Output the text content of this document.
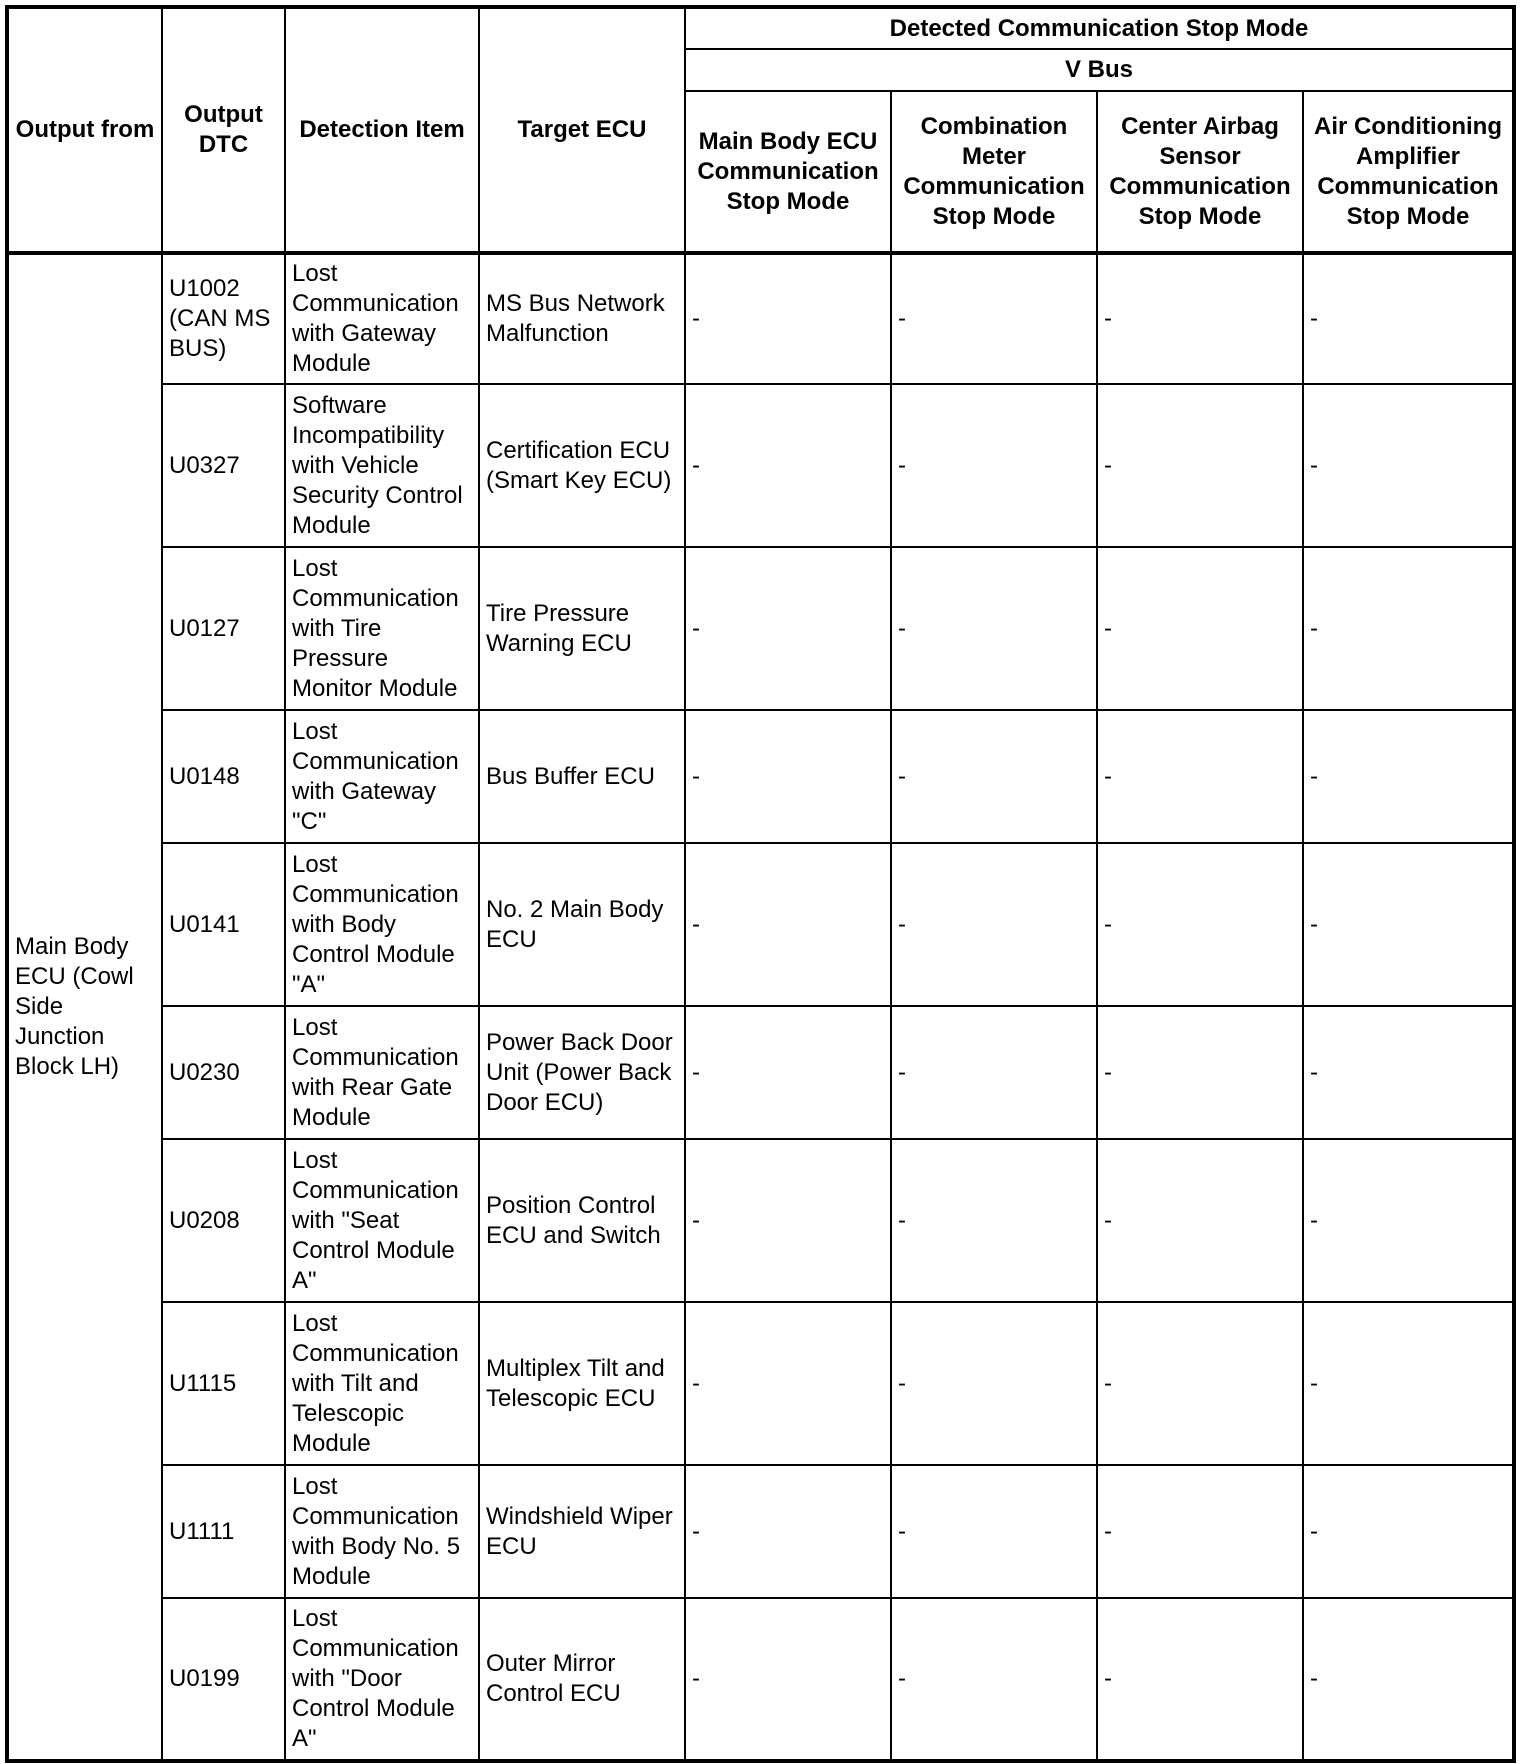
Output from	Output DTC	Detection Item	Target ECU	Detected Communication Stop Mode			
				V Bus			
				Main Body ECU Communication Stop Mode	Combination Meter Communication Stop Mode	Center Airbag Sensor Communication Stop Mode	Air Conditioning Amplifier Communication Stop Mode
Main Body ECU (Cowl Side Junction Block LH)	U1002 (CAN MS BUS)	Lost Communication with Gateway Module	MS Bus Network Malfunction	-	-	-	-
	U0327	Software Incompatibility with Vehicle Security Control Module	Certification ECU (Smart Key ECU)	-	-	-	-
	U0127	Lost Communication with Tire Pressure Monitor Module	Tire Pressure Warning ECU	-	-	-	-
	U0148	Lost Communication with Gateway "C"	Bus Buffer ECU	-	-	-	-
	U0141	Lost Communication with Body Control Module "A"	No. 2 Main Body ECU	-	-	-	-
	U0230	Lost Communication with Rear Gate Module	Power Back Door Unit (Power Back Door ECU)	-	-	-	-
	U0208	Lost Communication with "Seat Control Module A"	Position Control ECU and Switch	-	-	-	-
	U1115	Lost Communication with Tilt and Telescopic Module	Multiplex Tilt and Telescopic ECU	-	-	-	-
	U1111	Lost Communication with Body No. 5 Module	Windshield Wiper ECU	-	-	-	-
	U0199	Lost Communication with "Door Control Module A"	Outer Mirror Control ECU	-	-	-	-
